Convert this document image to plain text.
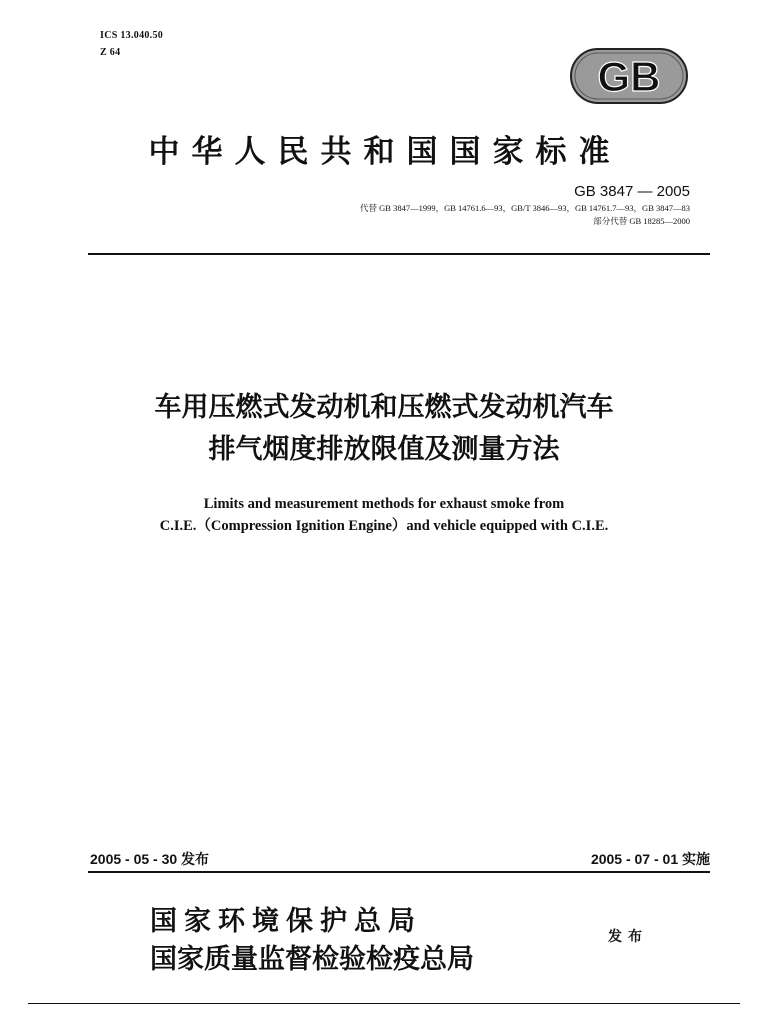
ICS 13.040.50
Z 64
GB
中华人民共和国国家标准
GB 3847 — 2005
代替 GB 3847—1999，GB 14761.6—93，GB/T 3846—93，GB 14761.7—93，GB 3847—83
部分代替 GB 18285—2000
车用压燃式发动机和压燃式发动机汽车
排气烟度排放限值及测量方法
Limits and measurement methods for exhaust smoke from
C.I.E.（Compression Ignition Engine）and vehicle equipped with C.I.E.
2005 - 05 - 30 发布	2005 - 07 - 01 实施
国家环境保护总局
国家质量监督检验检疫总局
发布
